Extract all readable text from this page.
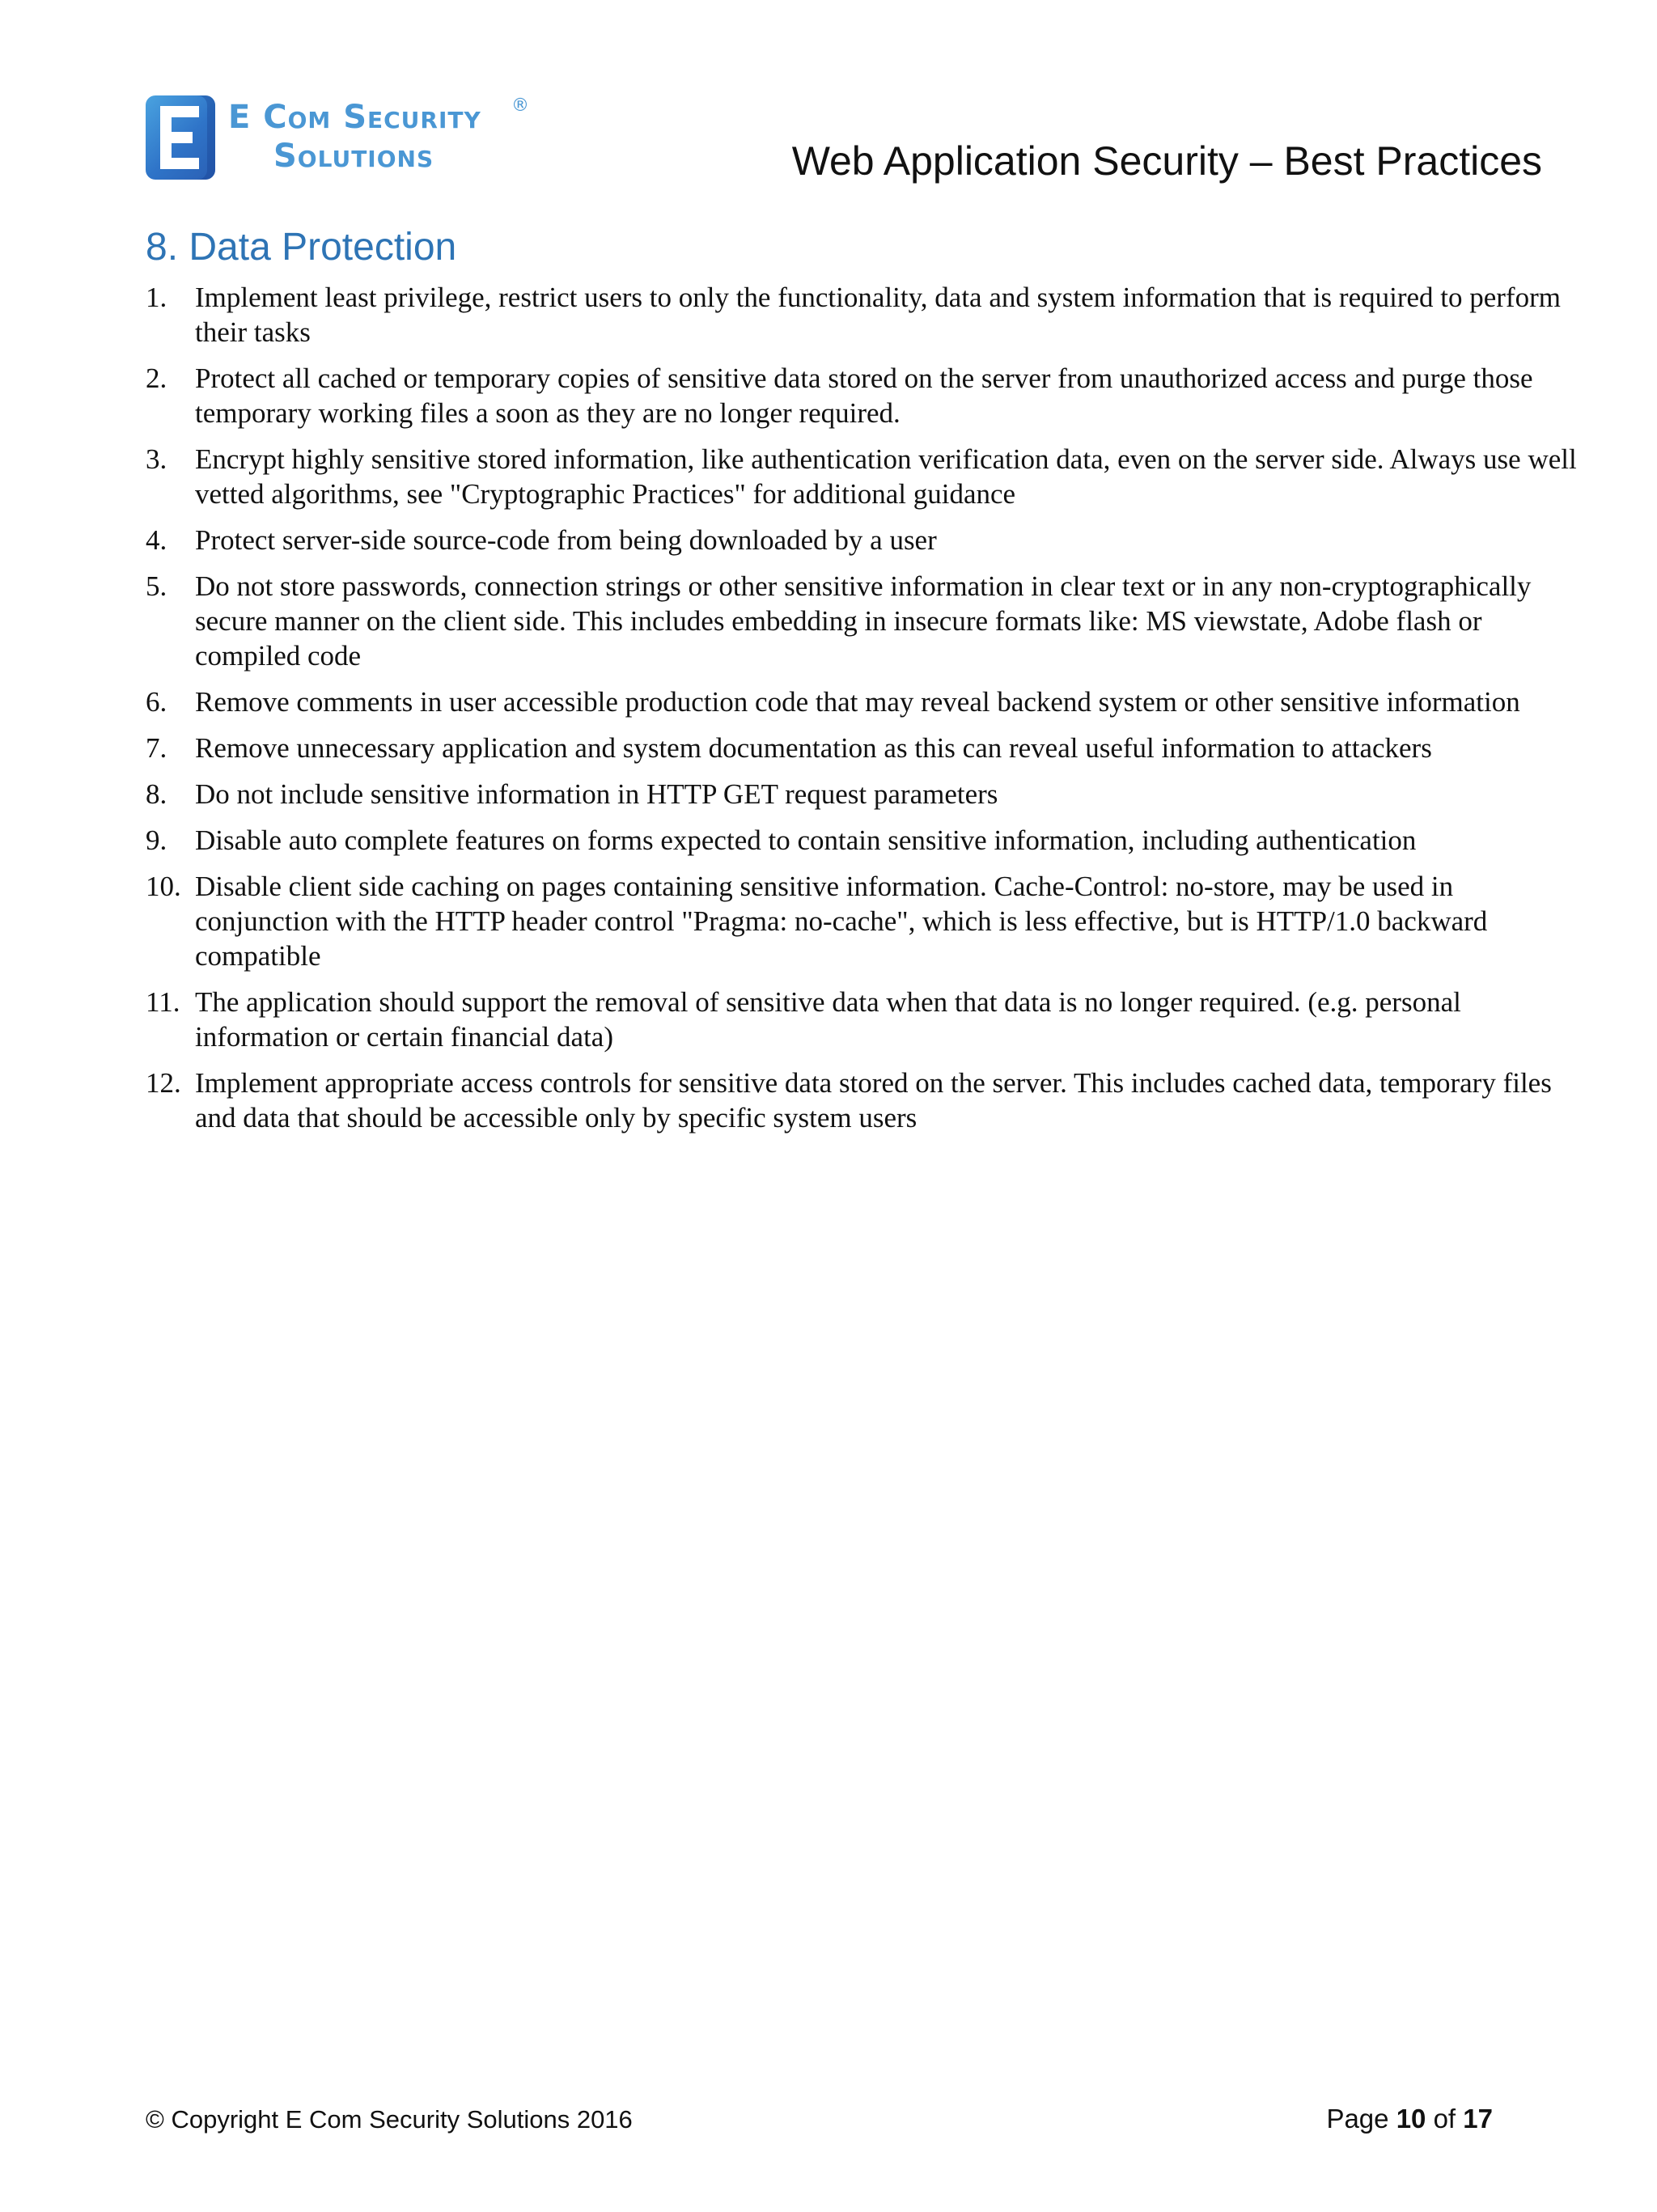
E Com Security ®
Solutions	Web Application Security – Best Practices
8. Data Protection
1. Implement least privilege, restrict users to only the functionality, data and system information that is required to perform their tasks
2. Protect all cached or temporary copies of sensitive data stored on the server from unauthorized access and purge those temporary working files a soon as they are no longer required.
3. Encrypt highly sensitive stored information, like authentication verification data, even on the server side. Always use well vetted algorithms, see "Cryptographic Practices" for additional guidance
4. Protect server-side source-code from being downloaded by a user
5. Do not store passwords, connection strings or other sensitive information in clear text or in any non-cryptographically secure manner on the client side. This includes embedding in insecure formats like: MS viewstate, Adobe flash or compiled code
6. Remove comments in user accessible production code that may reveal backend system or other sensitive information
7. Remove unnecessary application and system documentation as this can reveal useful information to attackers
8. Do not include sensitive information in HTTP GET request parameters
9. Disable auto complete features on forms expected to contain sensitive information, including authentication
10. Disable client side caching on pages containing sensitive information. Cache-Control: no-store, may be used in conjunction with the HTTP header control "Pragma: no-cache", which is less effective, but is HTTP/1.0 backward compatible
11. The application should support the removal of sensitive data when that data is no longer required. (e.g. personal information or certain financial data)
12. Implement appropriate access controls for sensitive data stored on the server. This includes cached data, temporary files and data that should be accessible only by specific system users
© Copyright E Com Security Solutions 2016	Page 10 of 17
